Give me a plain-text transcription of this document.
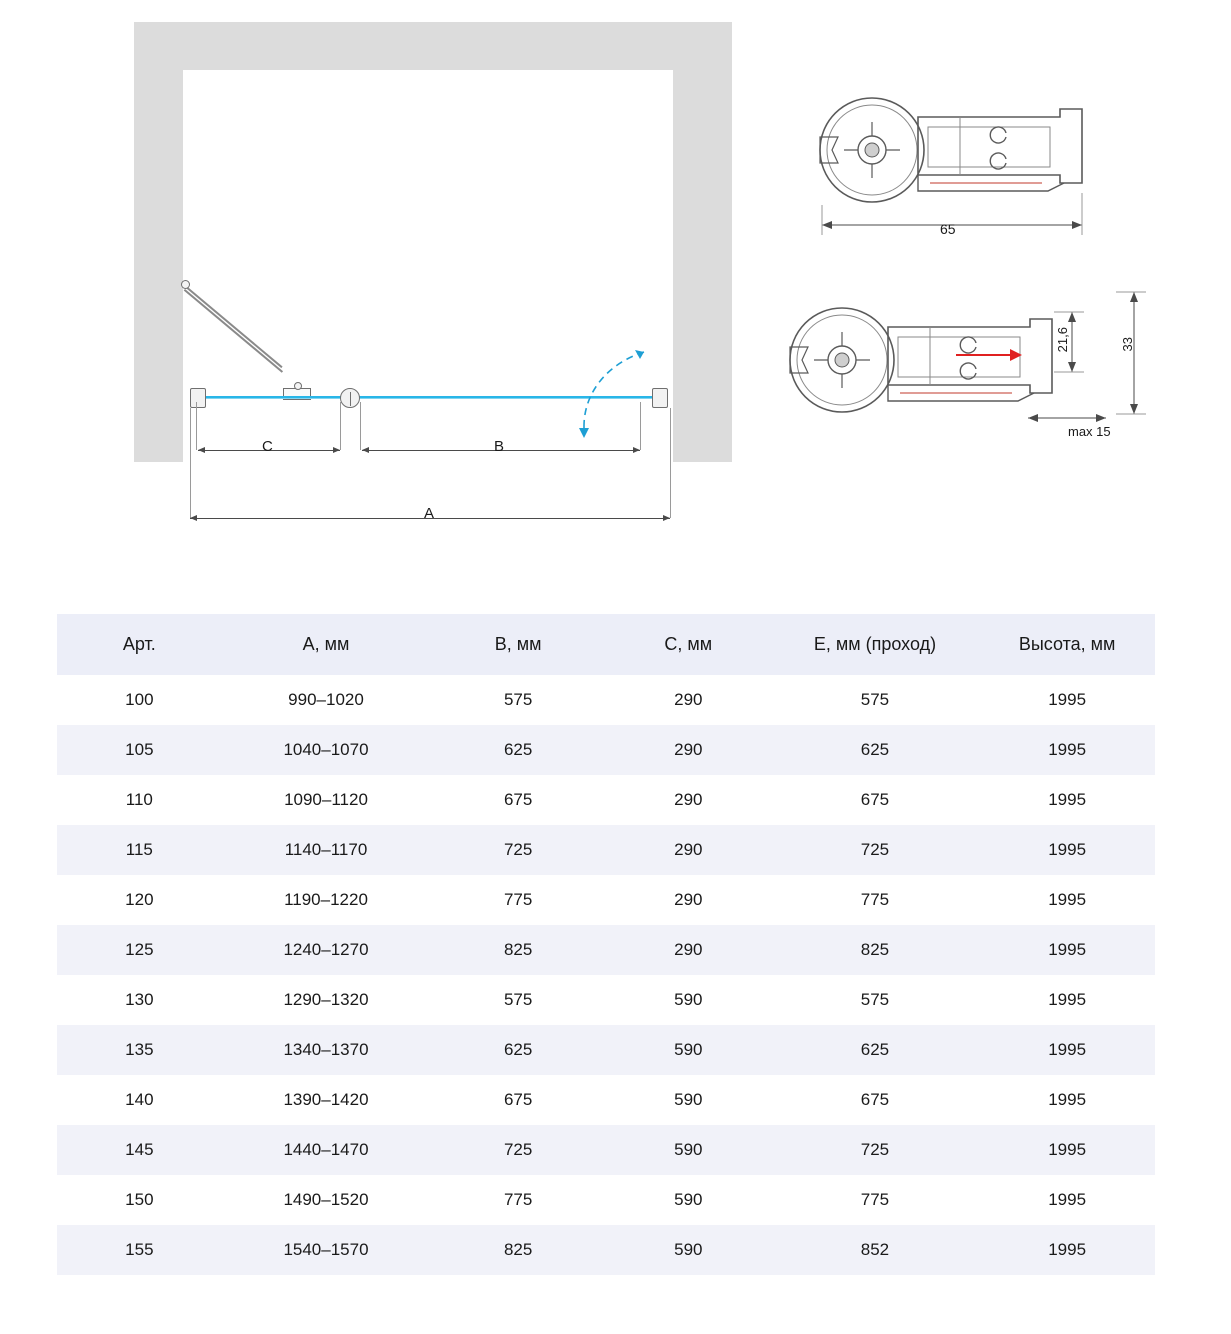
C	B
A
65
21,6	33
max 15
Арт.	A, мм	B, мм	C, мм	E, мм (проход)	Высота, мм
100	990–1020	575	290	575	1995
105	1040–1070	625	290	625	1995
110	1090–1120	675	290	675	1995
115	1140–1170	725	290	725	1995
120	1190–1220	775	290	775	1995
125	1240–1270	825	290	825	1995
130	1290–1320	575	590	575	1995
135	1340–1370	625	590	625	1995
140	1390–1420	675	590	675	1995
145	1440–1470	725	590	725	1995
150	1490–1520	775	590	775	1995
155	1540–1570	825	590	852	1995
